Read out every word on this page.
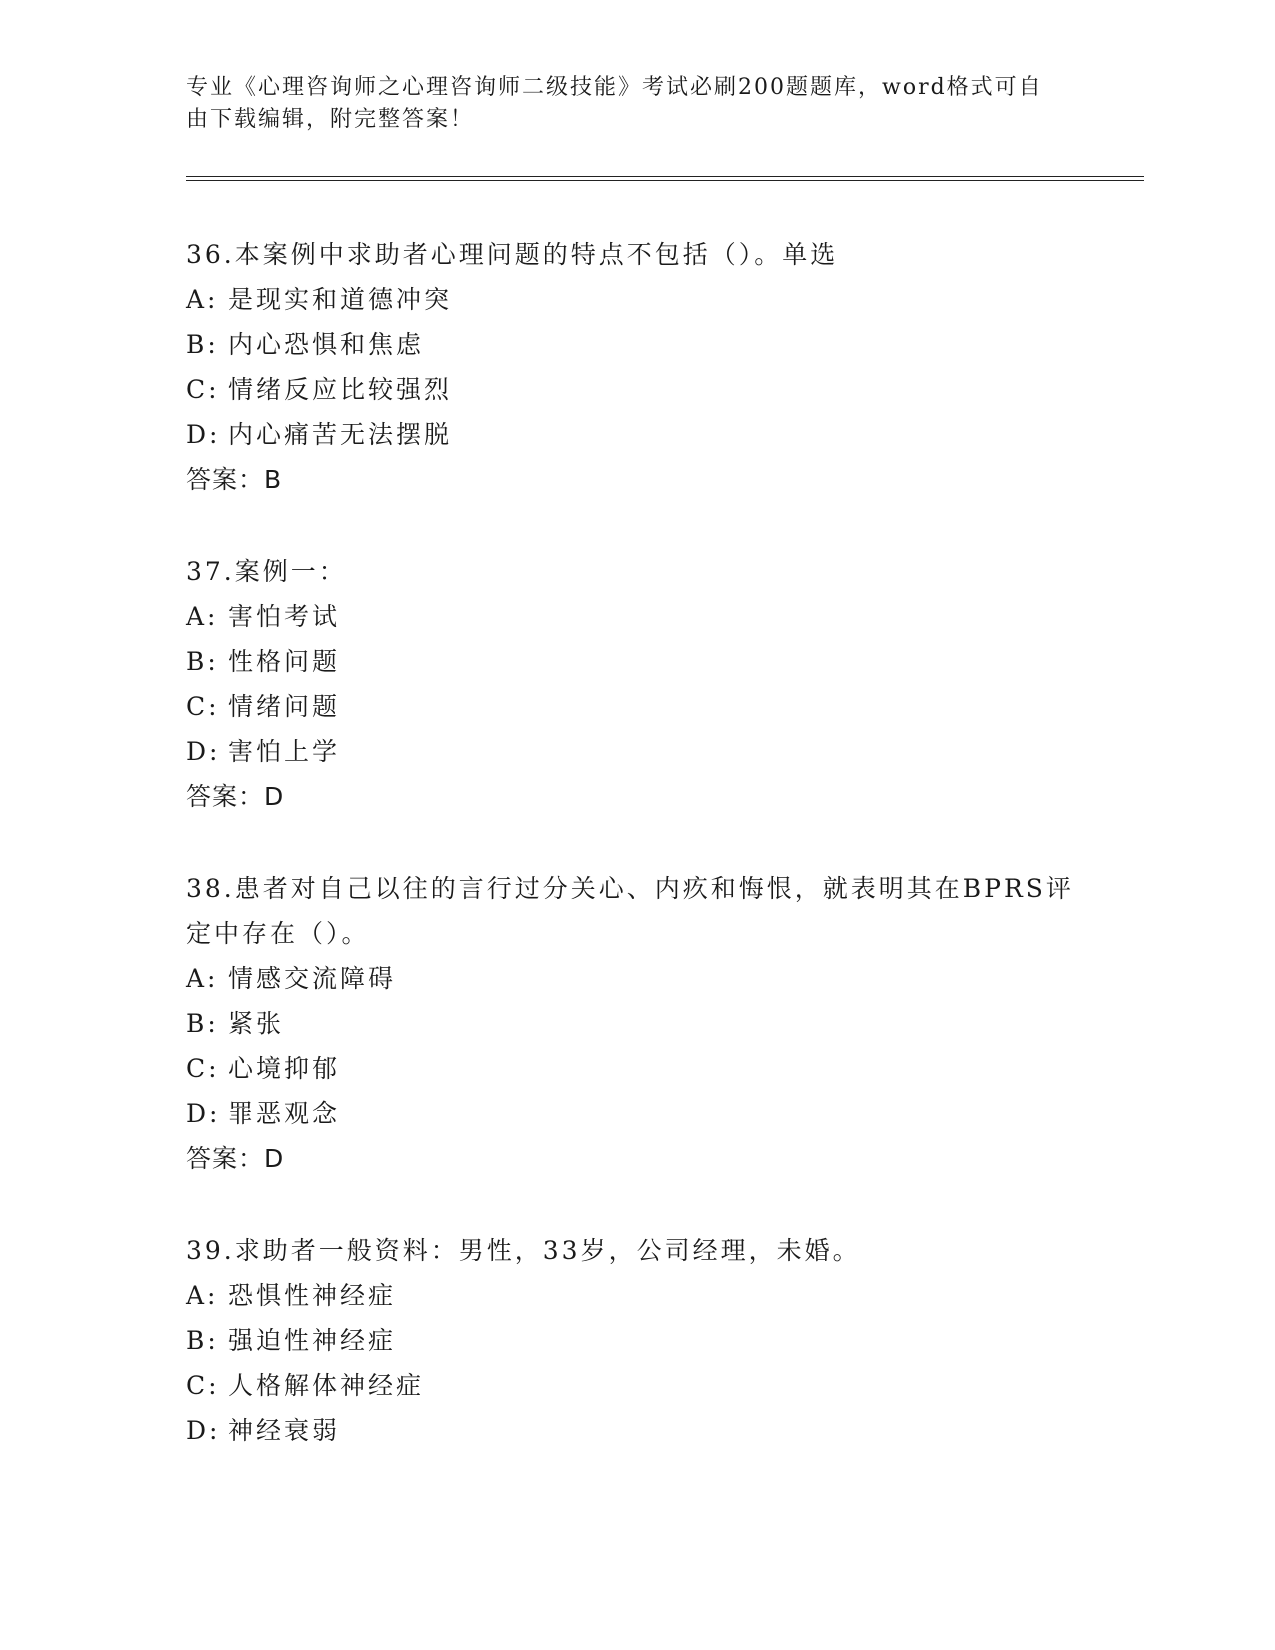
专业《心理咨询师之心理咨询师二级技能》考试必刷200题题库，word格式可自由下载编辑，附完整答案！

36.本案例中求助者心理问题的特点不包括（）。单选

A: 是现实和道德冲突

B: 内心恐惧和焦虑

C: 情绪反应比较强烈

D: 内心痛苦无法摆脱

答案：B

37.案例一：

A: 害怕考试

B: 性格问题

C: 情绪问题

D: 害怕上学

答案：D

38.患者对自己以往的言行过分关心、内疚和悔恨，就表明其在BPRS评定中存在（）。

A: 情感交流障碍

B: 紧张

C: 心境抑郁

D: 罪恶观念

答案：D

39.求助者一般资料：男性，33岁，公司经理，未婚。

A: 恐惧性神经症

B: 强迫性神经症

C: 人格解体神经症

D: 神经衰弱
